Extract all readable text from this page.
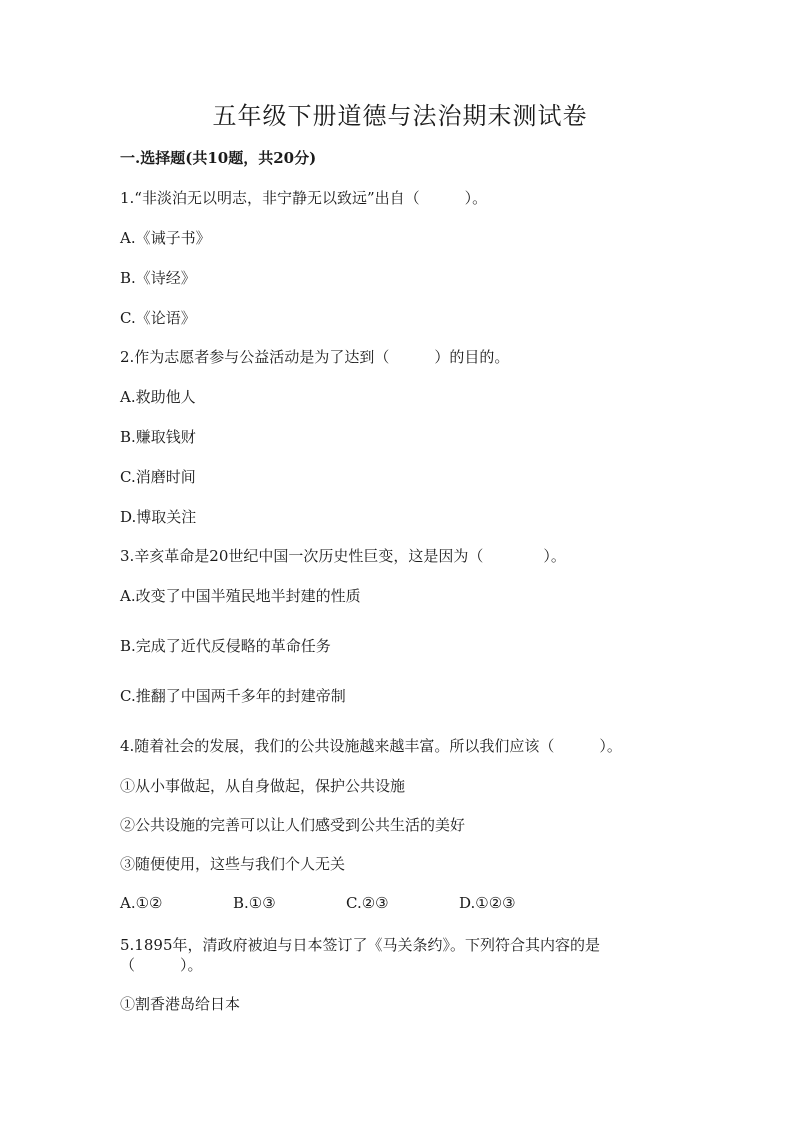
五年级下册道德与法治期末测试卷

一.选择题(共10题，共20分)

1.“非淡泊无以明志，非宁静无以致远”出自（　　　）。

A.《诫子书》

B.《诗经》

C.《论语》

2.作为志愿者参与公益活动是为了达到（　　　）的目的。

A.救助他人

B.赚取钱财

C.消磨时间

D.博取关注

3.辛亥革命是20世纪中国一次历史性巨变，这是因为（　　　　）。

A.改变了中国半殖民地半封建的性质

B.完成了近代反侵略的革命任务

C.推翻了中国两千多年的封建帝制

4.随着社会的发展，我们的公共设施越来越丰富。所以我们应该（　　　）。

①从小事做起，从自身做起，保护公共设施

②公共设施的完善可以让人们感受到公共生活的美好

③随便使用，这些与我们个人无关

A.①②	B.①③	C.②③	D.①②③

5.1895年，清政府被迫与日本签订了《马关条约》。下列符合其内容的是

（　　　）。

①割香港岛给日本
